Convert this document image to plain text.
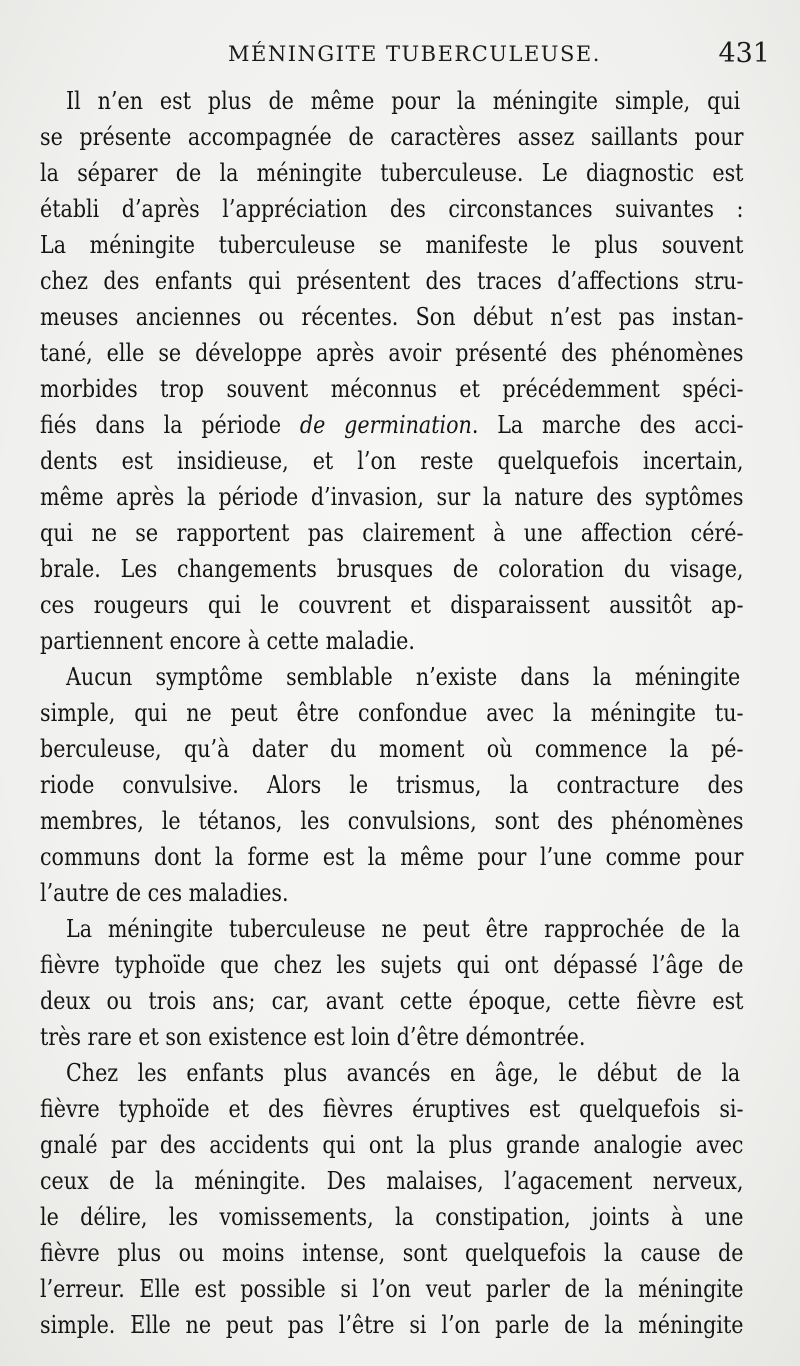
MÉNINGITE TUBERCULEUSE.	431
Il n’en est plus de même pour la méningite simple, qui
se présente accompagnée de caractères assez saillants pour
la séparer de la méningite tuberculeuse. Le diagnostic est
établi d’après l’appréciation des circonstances suivantes :
La méningite tuberculeuse se manifeste le plus souvent
chez des enfants qui présentent des traces d’affections stru-
meuses anciennes ou récentes. Son début n’est pas instan-
tané, elle se développe après avoir présenté des phénomènes
morbides trop souvent méconnus et précédemment spéci-
fiés dans la période de germination. La marche des acci-
dents est insidieuse, et l’on reste quelquefois incertain,
même après la période d’invasion, sur la nature des syptômes
qui ne se rapportent pas clairement à une affection céré-
brale. Les changements brusques de coloration du visage,
ces rougeurs qui le couvrent et disparaissent aussitôt ap-
partiennent encore à cette maladie.
Aucun symptôme semblable n’existe dans la méningite
simple, qui ne peut être confondue avec la méningite tu-
berculeuse, qu’à dater du moment où commence la pé-
riode convulsive. Alors le trismus, la contracture des
membres, le tétanos, les convulsions, sont des phénomènes
communs dont la forme est la même pour l’une comme pour
l’autre de ces maladies.
La méningite tuberculeuse ne peut être rapprochée de la
fièvre typhoïde que chez les sujets qui ont dépassé l’âge de
deux ou trois ans; car, avant cette époque, cette fièvre est
très rare et son existence est loin d’être démontrée.
Chez les enfants plus avancés en âge, le début de la
fièvre typhoïde et des fièvres éruptives est quelquefois si-
gnalé par des accidents qui ont la plus grande analogie avec
ceux de la méningite. Des malaises, l’agacement nerveux,
le délire, les vomissements, la constipation, joints à une
fièvre plus ou moins intense, sont quelquefois la cause de
l’erreur. Elle est possible si l’on veut parler de la méningite
simple. Elle ne peut pas l’être si l’on parle de la méningite
